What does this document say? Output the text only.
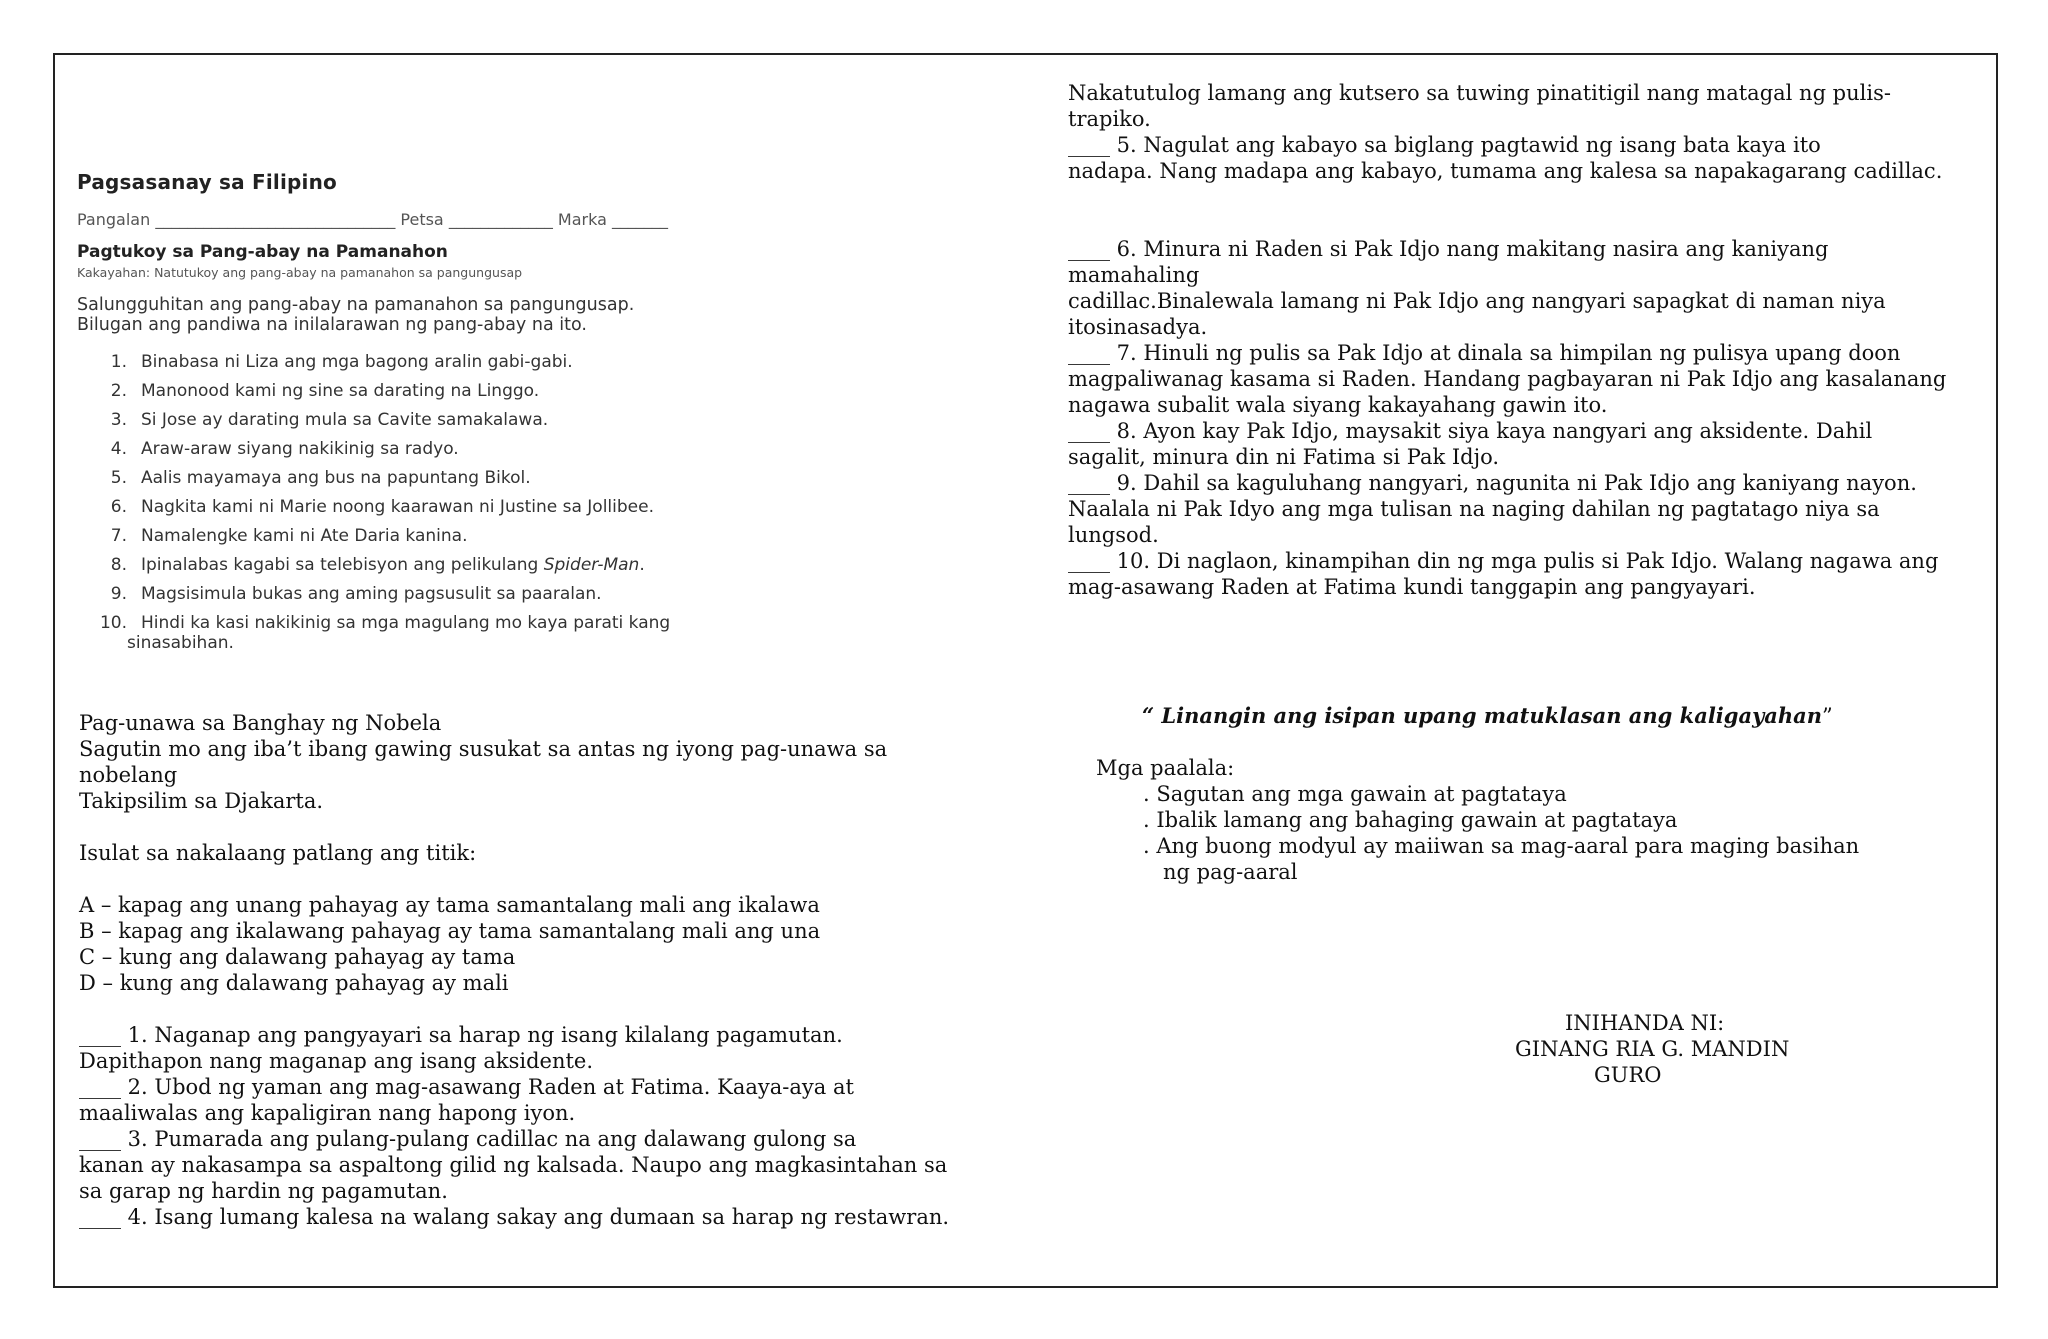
Pagsasanay sa Filipino
Pangalan ______________________________ Petsa _____________ Marka _______
Pagtukoy sa Pang-abay na Pamanahon
Kakayahan: Natutukoy ang pang-abay na pamanahon sa pangungusap
Salungguhitan ang pang-abay na pamanahon sa pangungusap.
Bilugan ang pandiwa na inilalarawan ng pang-abay na ito.
1. Binabasa ni Liza ang mga bagong aralin gabi-gabi.
2. Manonood kami ng sine sa darating na Linggo.
3. Si Jose ay darating mula sa Cavite samakalawa.
4. Araw-araw siyang nakikinig sa radyo.
5. Aalis mayamaya ang bus na papuntang Bikol.
6. Nagkita kami ni Marie noong kaarawan ni Justine sa Jollibee.
7. Namalengke kami ni Ate Daria kanina.
8. Ipinalabas kagabi sa telebisyon ang pelikulang Spider-Man.
9. Magsisimula bukas ang aming pagsusulit sa paaralan.
10. Hindi ka kasi nakikinig sa mga magulang mo kaya parati kang
sinasabihan.
Pag-unawa sa Banghay ng Nobela
Sagutin mo ang iba’t ibang gawing susukat sa antas ng iyong pag-unawa sa
nobelang
Takipsilim sa Djakarta.
Isulat sa nakalaang patlang ang titik:
A – kapag ang unang pahayag ay tama samantalang mali ang ikalawa
B – kapag ang ikalawang pahayag ay tama samantalang mali ang una
C – kung ang dalawang pahayag ay tama
D – kung ang dalawang pahayag ay mali
____ 1. Naganap ang pangyayari sa harap ng isang kilalang pagamutan.
Dapithapon nang maganap ang isang aksidente.
____ 2. Ubod ng yaman ang mag-asawang Raden at Fatima. Kaaya-aya at
maaliwalas ang kapaligiran nang hapong iyon.
____ 3. Pumarada ang pulang-pulang cadillac na ang dalawang gulong sa
kanan ay nakasampa sa aspaltong gilid ng kalsada. Naupo ang magkasintahan sa
sa garap ng hardin ng pagamutan.
____ 4. Isang lumang kalesa na walang sakay ang dumaan sa harap ng restawran.
Nakatutulog lamang ang kutsero sa tuwing pinatitigil nang matagal ng pulis-
trapiko.
____ 5. Nagulat ang kabayo sa biglang pagtawid ng isang bata kaya ito
nadapa. Nang madapa ang kabayo, tumama ang kalesa sa napakagarang cadillac.
____ 6. Minura ni Raden si Pak Idjo nang makitang nasira ang kaniyang
mamahaling
cadillac.Binalewala lamang ni Pak Idjo ang nangyari sapagkat di naman niya
itosinasadya.
____ 7. Hinuli ng pulis sa Pak Idjo at dinala sa himpilan ng pulisya upang doon
magpaliwanag kasama si Raden. Handang pagbayaran ni Pak Idjo ang kasalanang
nagawa subalit wala siyang kakayahang gawin ito.
____ 8. Ayon kay Pak Idjo, maysakit siya kaya nangyari ang aksidente. Dahil
sagalit, minura din ni Fatima si Pak Idjo.
____ 9. Dahil sa kaguluhang nangyari, nagunita ni Pak Idjo ang kaniyang nayon.
Naalala ni Pak Idyo ang mga tulisan na naging dahilan ng pagtatago niya sa
lungsod.
____ 10. Di naglaon, kinampihan din ng mga pulis si Pak Idjo. Walang nagawa ang
mag-asawang Raden at Fatima kundi tanggapin ang pangyayari.
“ Linangin ang isipan upang matuklasan ang kaligayahan”
Mga paalala:
. Sagutan ang mga gawain at pagtataya
. Ibalik lamang ang bahaging gawain at pagtataya
. Ang buong modyul ay maiiwan sa mag-aaral para maging basihan
ng pag-aaral
INIHANDA NI:
GINANG RIA G. MANDIN
GURO
